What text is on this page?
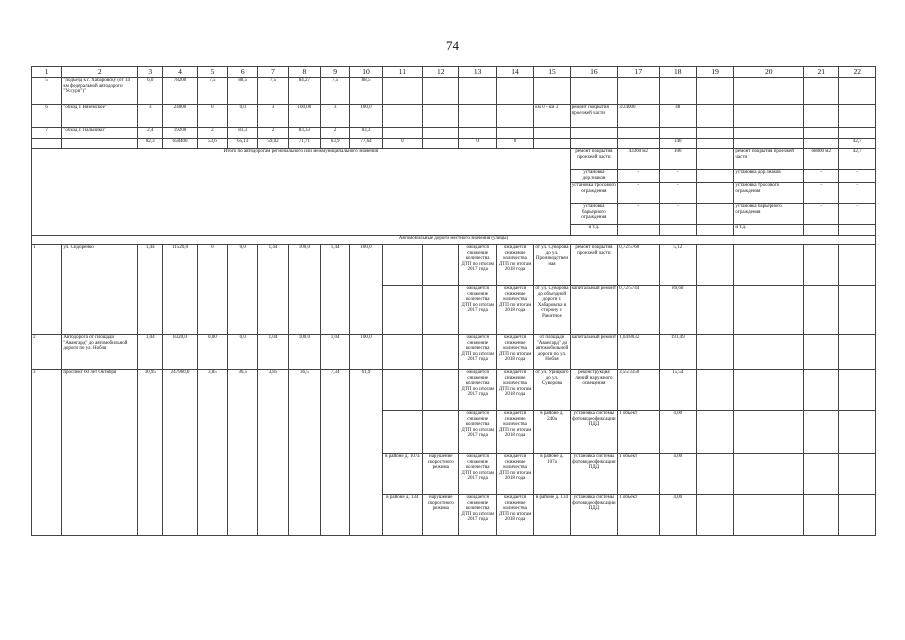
74
1	2	3	4	5	6	7	8	9	10	11	12	13	14	15	16	17	18	19	20	21	22
5	"подъезд к г. Хабаровску (от 14 км федеральной автодороги "Уссури")"	6,0	78200	7,5	88,5	7,5	84,27	7,5	88,5												
6	"обход г. Вяземское"	3	24000	0	0,0	3	100,00	3	100,0					км 0 - км 3	ремонт покрытия проезжей части	3/24000	48				
7	"обход г. Пальники"	2,4	19200	2	83,3	2	83,33	2	83,3												
		82,3	658400	53,6	65,13	59,02	71,71	63,9	77,64	0		0	0				140				42,7
Итого по автодорогам регионального или межмуниципального значения															ремонт покрытия проезжей части	43360 м2	100		ремонт покрытия проезжей части	68800 м2	42,7
															установка дор.знаков	-	-		установка дор.знаков	-	-
															установка тросового ограждения	-	-		установка тросового ограждения	-	-
															установка барьерного ограждения	-	-		установка барьерного ограждения	-	-
															и т.д.				и т.д.		
Автомобильные дороги местного значения (улицы)																					
1	ул. Сидоренко	1,44	11520,0	0	0,0	1,44	100,0	1,44	100,0			ожидается снижение количества ДТП по итогам 2017 года	ожидается снижение количества ДТП по итогам 2018 года	от ул. Суворова до ул. Производственная	ремонт покрытия проезжей части	0,72/5760	5,12				
												ожидается снижение количества ДТП по итогам 2017 года	ожидается снижение количества ДТП по итогам 2018 года	от ул. Суворова до объездной дороги г. Хабаровска в сторону г. Ракитное	капитальный ремонт	0,72/5744	89,60				
2	Автодорога от площади "Авангард" до автомобильной дороги по ул. Нобля	1,04	8320,0	0,00	0,0	1,04	100,0	1,04	100,0			ожидается снижение количества ДТП по итогам 2017 года	ожидается снижение количества ДТП по итогам 2018 года	от площади "Авангард" до автомобильной дороги по ул. Нобля	капитальный ремонт	1,04/8032	191,49				
3	проспект 60 лет Октября	30,95	247960,0	3,85	36,5	3,85	36,5	7,34	61,9			ожидается снижение количества ДТП по итогам 2017 года	ожидается снижение количества ДТП по итогам 2018 года	от ул. Урицкого до ул. Суворова	реконструкция линий наружного освещения	3,55/3350	15,54				
												ожидается снижение количества ДТП по итогам 2017 года	ожидается снижение количества ДТП по итогам 2018 года	в районе д. 240а	установка системы фотовидеофиксации ПДД	1 объект	4,00				
										в районе д. 107а	нарушение скоростного режима	ожидается снижение количества ДТП по итогам 2017 года	ожидается снижение количества ДТП по итогам 2018 года	в районе д. 107а	установка системы фотовидеофиксации ПДД	1 объект	4,00				
										в районе д. 134	нарушение скоростного режима	ожидается снижение количества ДТП по итогам 2017 года	ожидается снижение количества ДТП по итогам 2018 года	в районе д. 134	установка системы фотовидеофиксации ПДД	1 объект	4,00				
